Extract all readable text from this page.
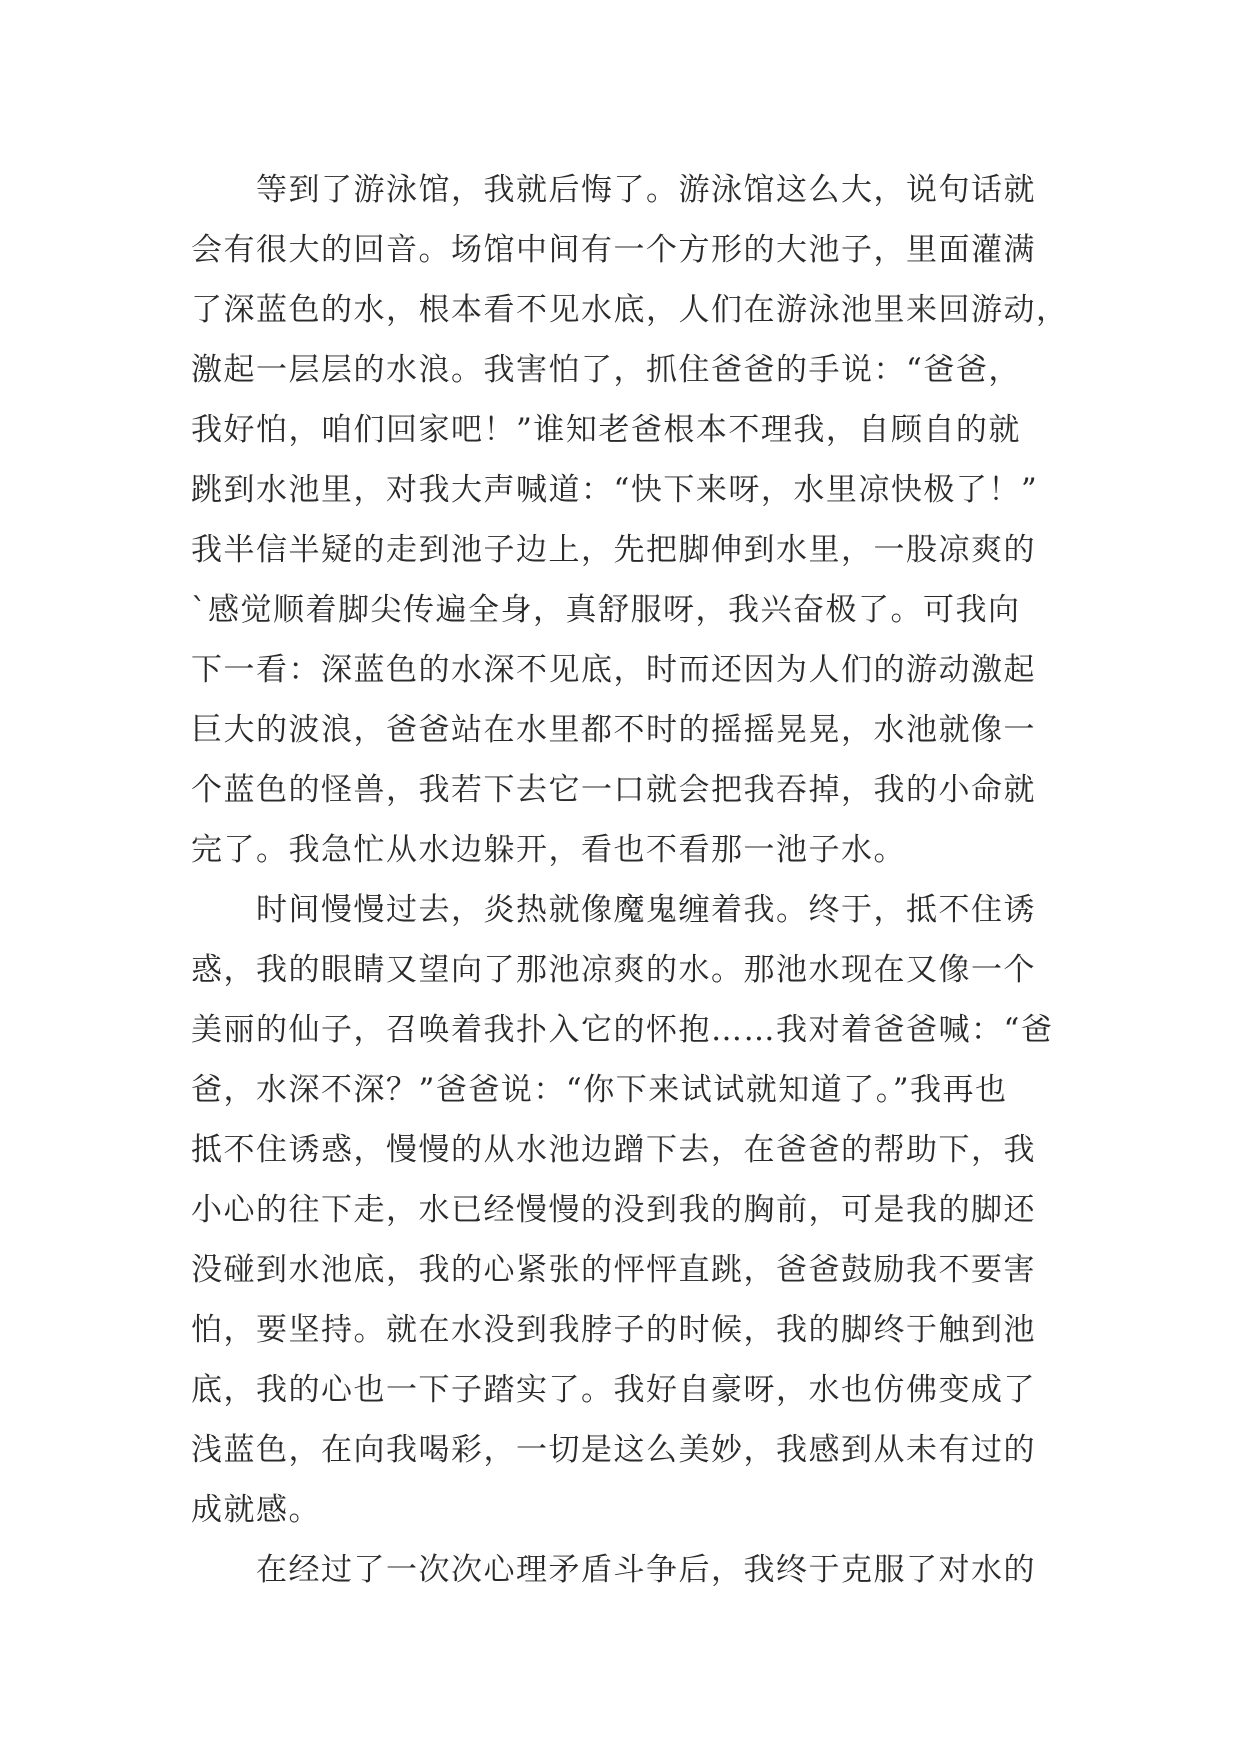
等到了游泳馆，我就后悔了。游泳馆这么大，说句话就
会有很大的回音。场馆中间有一个方形的大池子，里面灌满
了深蓝色的水，根本看不见水底，人们在游泳池里来回游动，
激起一层层的水浪。我害怕了，抓住爸爸的手说：“爸爸，
我好怕，咱们回家吧！”谁知老爸根本不理我，自顾自的就
跳到水池里，对我大声喊道：“快下来呀，水里凉快极了！”
我半信半疑的走到池子边上，先把脚伸到水里，一股凉爽的
`感觉顺着脚尖传遍全身，真舒服呀，我兴奋极了。可我向
下一看：深蓝色的水深不见底，时而还因为人们的游动激起
巨大的波浪，爸爸站在水里都不时的摇摇晃晃，水池就像一
个蓝色的怪兽，我若下去它一口就会把我吞掉，我的小命就
完了。我急忙从水边躲开，看也不看那一池子水。
时间慢慢过去，炎热就像魔鬼缠着我。终于，抵不住诱
惑，我的眼睛又望向了那池凉爽的水。那池水现在又像一个
美丽的仙子，召唤着我扑入它的怀抱……我对着爸爸喊：“爸
爸，水深不深？”爸爸说：“你下来试试就知道了。”我再也
抵不住诱惑，慢慢的从水池边蹭下去，在爸爸的帮助下，我
小心的往下走，水已经慢慢的没到我的胸前，可是我的脚还
没碰到水池底，我的心紧张的怦怦直跳，爸爸鼓励我不要害
怕，要坚持。就在水没到我脖子的时候，我的脚终于触到池
底，我的心也一下子踏实了。我好自豪呀，水也仿佛变成了
浅蓝色，在向我喝彩，一切是这么美妙，我感到从未有过的
成就感。
在经过了一次次心理矛盾斗争后，我终于克服了对水的
